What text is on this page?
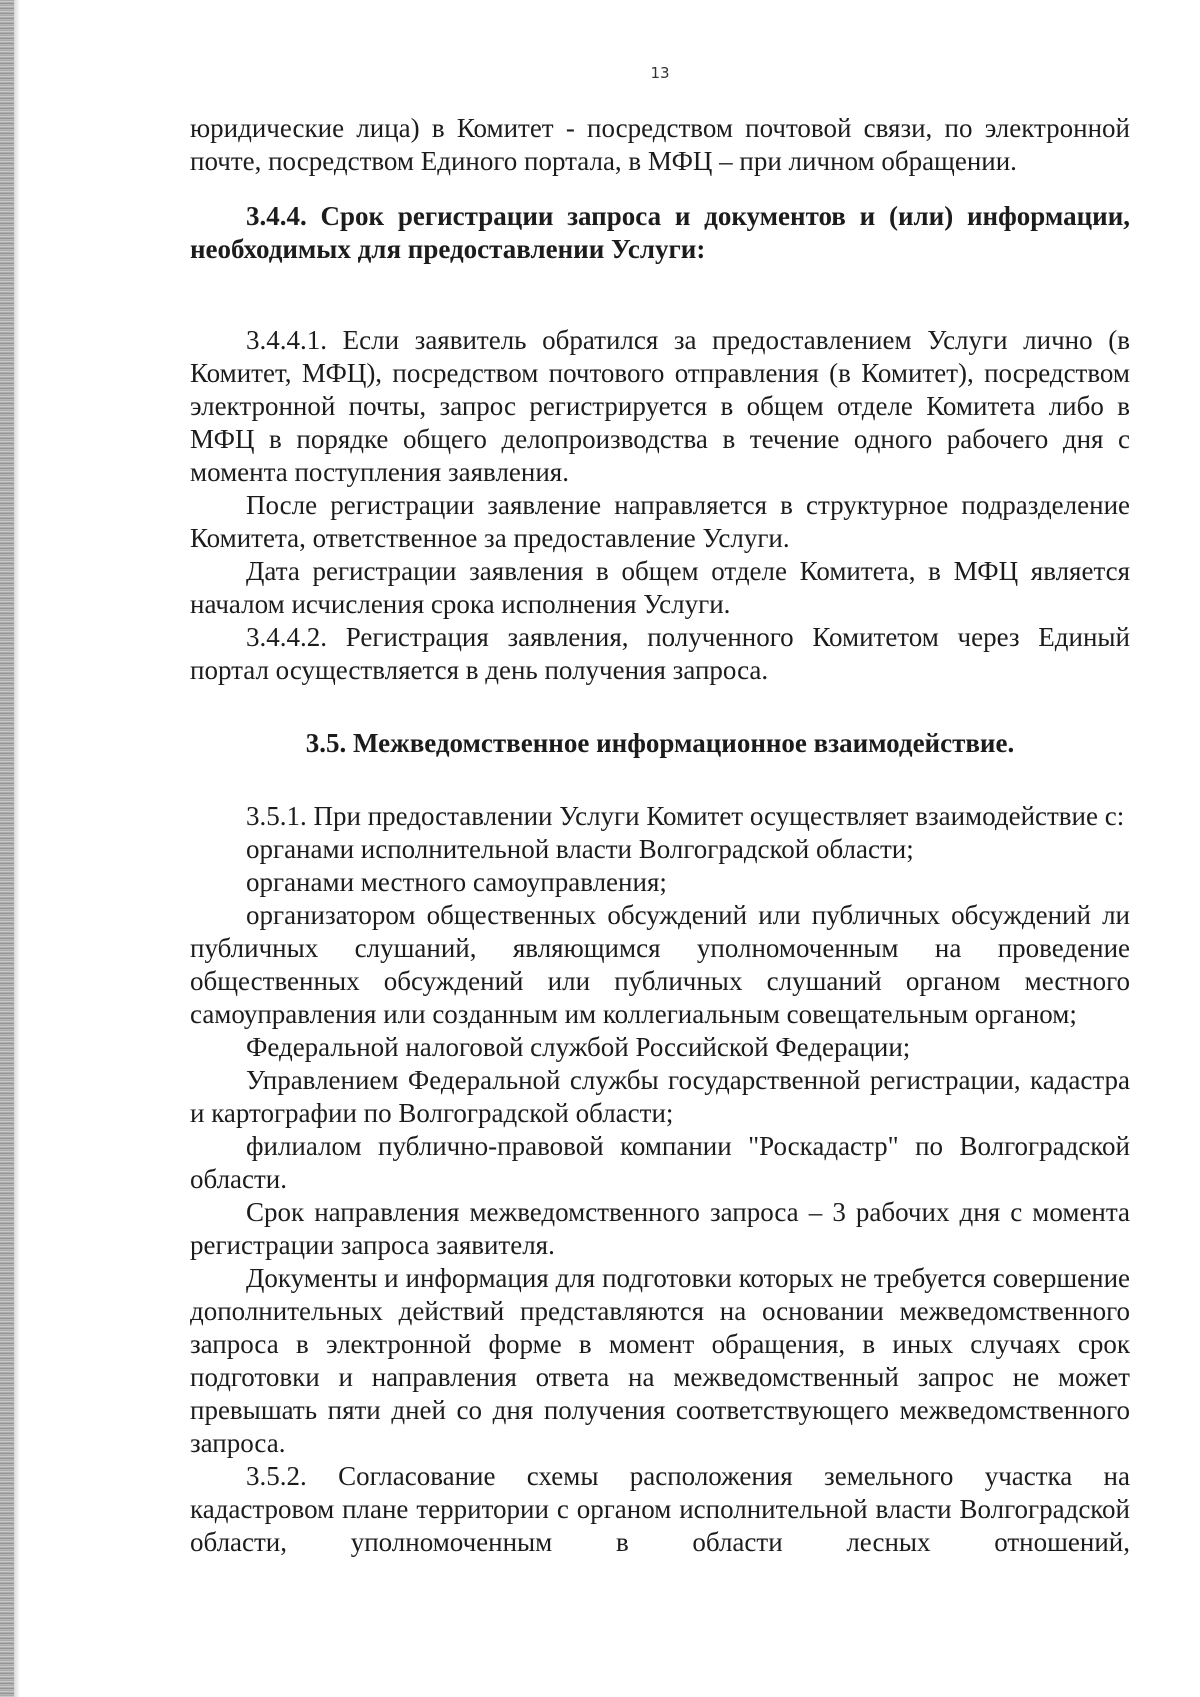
13

юридические лица) в Комитет - посредством почтовой связи, по электронной почте, посредством Единого портала, в МФЦ – при личном обращении.

3.4.4. Срок регистрации запроса и документов и (или) информации, необходимых для предоставлении Услуги:

3.4.4.1. Если заявитель обратился за предоставлением Услуги лично (в Комитет, МФЦ), посредством почтового отправления (в Комитет), посредством электронной почты, запрос регистрируется в общем отделе Комитета либо в МФЦ в порядке общего делопроизводства в течение одного рабочего дня с момента поступления заявления.

После регистрации заявление направляется в структурное подразделение Комитета, ответственное за предоставление Услуги.

Дата регистрации заявления в общем отделе Комитета, в МФЦ является началом исчисления срока исполнения Услуги.

3.4.4.2. Регистрация заявления, полученного Комитетом через Единый портал осуществляется в день получения запроса.

3.5. Межведомственное информационное взаимодействие.

3.5.1. При предоставлении Услуги Комитет осуществляет взаимодействие с:

органами исполнительной власти Волгоградской области;

органами местного самоуправления;

организатором общественных обсуждений или публичных обсуждений ли публичных слушаний, являющимся уполномоченным на проведение общественных обсуждений или публичных слушаний органом местного самоуправления или созданным им коллегиальным совещательным органом;

Федеральной налоговой службой Российской Федерации;

Управлением Федеральной службы государственной регистрации, кадастра и картографии по Волгоградской области;

филиалом публично-правовой компании "Роскадастр" по Волгоградской области.

Срок направления межведомственного запроса – 3 рабочих дня с момента регистрации запроса заявителя.

Документы и информация для подготовки которых не требуется совершение дополнительных действий представляются на основании межведомственного запроса в электронной форме в момент обращения, в иных случаях срок подготовки и направления ответа на межведомственный запрос не может превышать пяти дней со дня получения соответствующего межведомственного запроса.

3.5.2. Согласование схемы расположения земельного участка на кадастровом плане территории с органом исполнительной власти Волгоградской области, уполномоченным в области лесных отношений,
